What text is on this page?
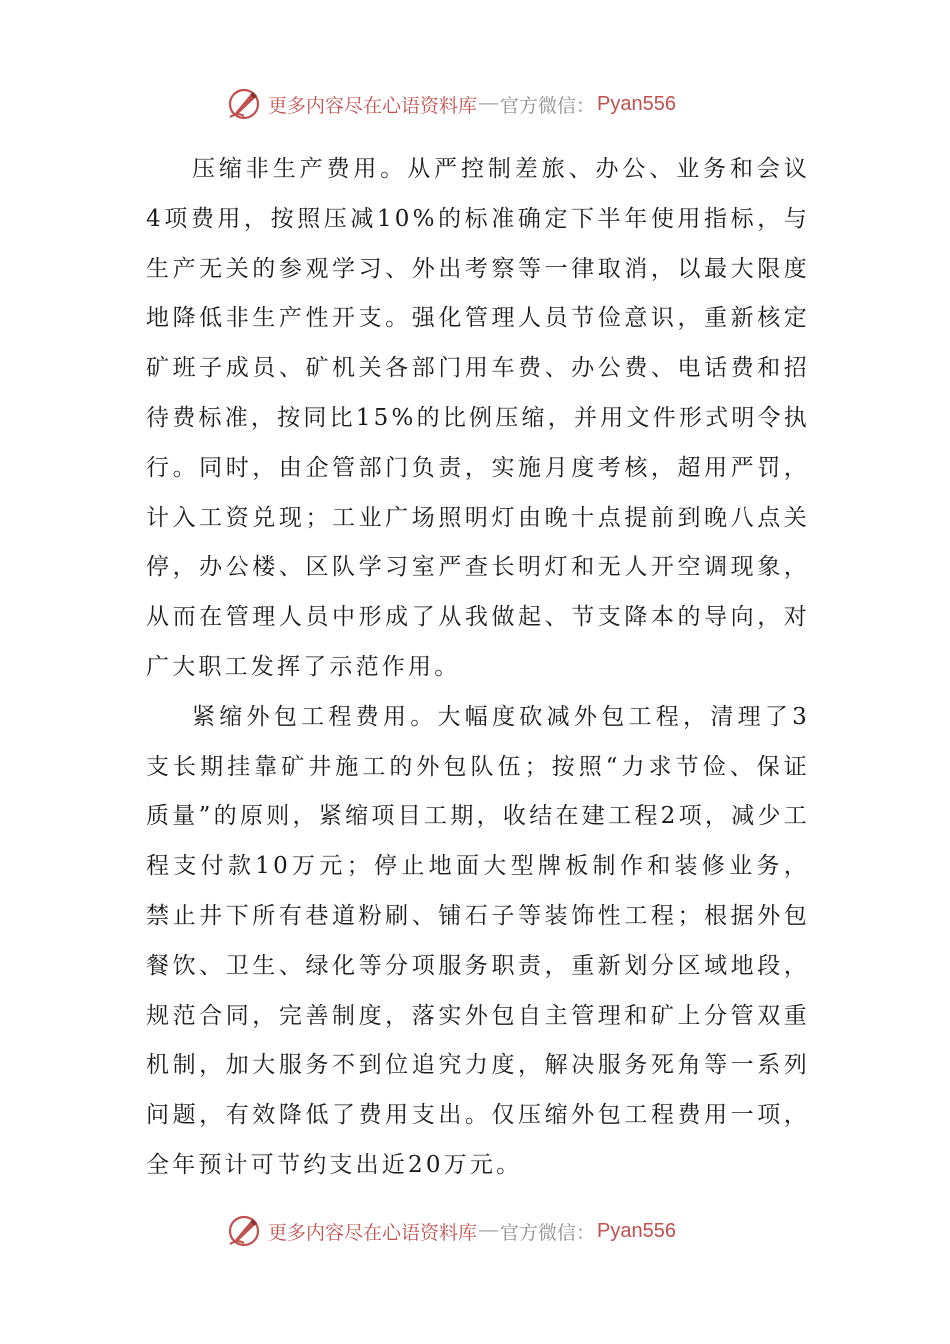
更多内容尽在心语资料库 — 官方微信： Pyan556

压缩非生产费用。从严控制差旅、办公、业务和会议4项费用，按照压减10%的标准确定下半年使用指标，与生产无关的参观学习、外出考察等一律取消，以最大限度地降低非生产性开支。强化管理人员节俭意识，重新核定矿班子成员、矿机关各部门用车费、办公费、电话费和招待费标准，按同比15%的比例压缩，并用文件形式明令执行。同时，由企管部门负责，实施月度考核，超用严罚，计入工资兑现；工业广场照明灯由晚十点提前到晚八点关停，办公楼、区队学习室严查长明灯和无人开空调现象，从而在管理人员中形成了从我做起、节支降本的导向，对广大职工发挥了示范作用。

紧缩外包工程费用。大幅度砍减外包工程，清理了3支长期挂靠矿井施工的外包队伍；按照“力求节俭、保证质量”的原则，紧缩项目工期，收结在建工程2项，减少工程支付款10万元；停止地面大型牌板制作和装修业务，禁止井下所有巷道粉刷、铺石子等装饰性工程；根据外包餐饮、卫生、绿化等分项服务职责，重新划分区域地段，规范合同，完善制度，落实外包自主管理和矿上分管双重机制，加大服务不到位追究力度，解决服务死角等一系列问题，有效降低了费用支出。仅压缩外包工程费用一项，全年预计可节约支出近20万元。

更多内容尽在心语资料库 — 官方微信： Pyan556
